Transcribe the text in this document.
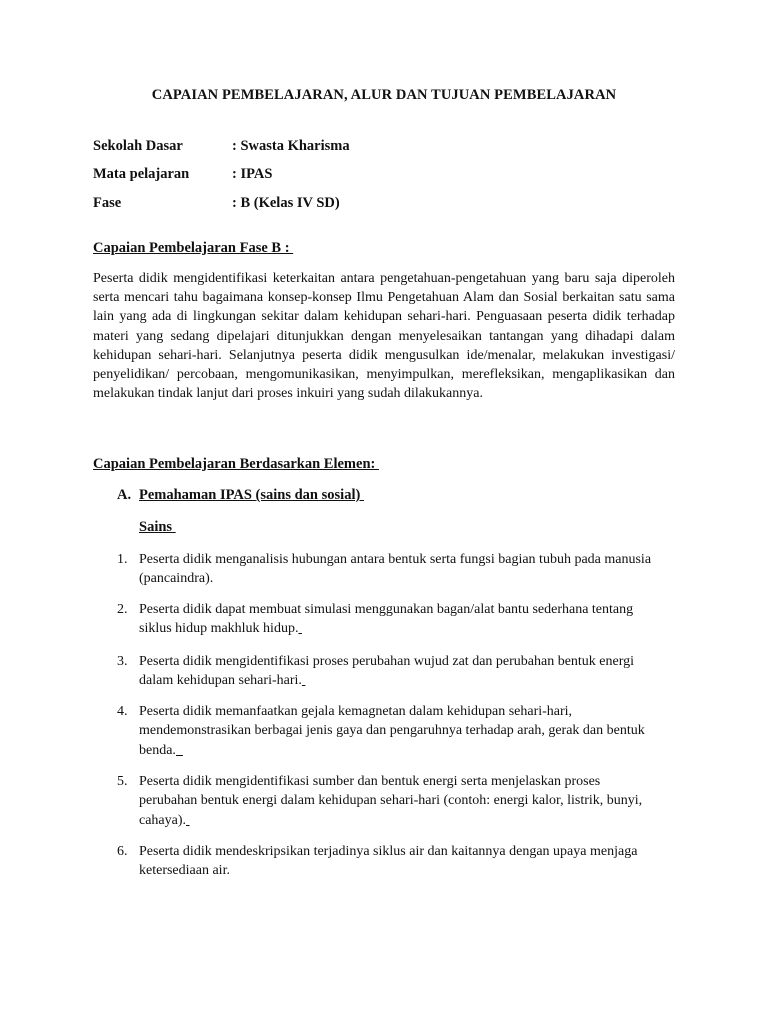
CAPAIAN PEMBELAJARAN, ALUR DAN TUJUAN PEMBELAJARAN
Sekolah Dasar	: Swasta Kharisma
Mata pelajaran	: IPAS
Fase	: B (Kelas IV SD)
Capaian Pembelajaran Fase B :
Peserta didik mengidentifikasi keterkaitan antara pengetahuan-pengetahuan yang baru saja diperoleh serta mencari tahu bagaimana konsep-konsep Ilmu Pengetahuan Alam dan Sosial berkaitan satu sama lain yang ada di lingkungan sekitar dalam kehidupan sehari-hari. Penguasaan peserta didik terhadap materi yang sedang dipelajari ditunjukkan dengan menyelesaikan tantangan yang dihadapi dalam kehidupan sehari-hari. Selanjutnya peserta didik mengusulkan ide/menalar, melakukan investigasi/ penyelidikan/ percobaan, mengomunikasikan, menyimpulkan, merefleksikan, mengaplikasikan dan melakukan tindak lanjut dari proses inkuiri yang sudah dilakukannya.
Capaian Pembelajaran Berdasarkan Elemen:
A. Pemahaman IPAS (sains dan sosial)
Sains
1. Peserta didik menganalisis hubungan antara bentuk serta fungsi bagian tubuh pada manusia (pancaindra).
2. Peserta didik dapat membuat simulasi menggunakan bagan/alat bantu sederhana tentang siklus hidup makhluk hidup.
3. Peserta didik mengidentifikasi proses perubahan wujud zat dan perubahan bentuk energi dalam kehidupan sehari-hari.
4. Peserta didik memanfaatkan gejala kemagnetan dalam kehidupan sehari-hari, mendemonstrasikan berbagai jenis gaya dan pengaruhnya terhadap arah, gerak dan bentuk benda.
5. Peserta didik mengidentifikasi sumber dan bentuk energi serta menjelaskan proses perubahan bentuk energi dalam kehidupan sehari-hari (contoh: energi kalor, listrik, bunyi, cahaya).
6. Peserta didik mendeskripsikan terjadinya siklus air dan kaitannya dengan upaya menjaga ketersediaan air.
